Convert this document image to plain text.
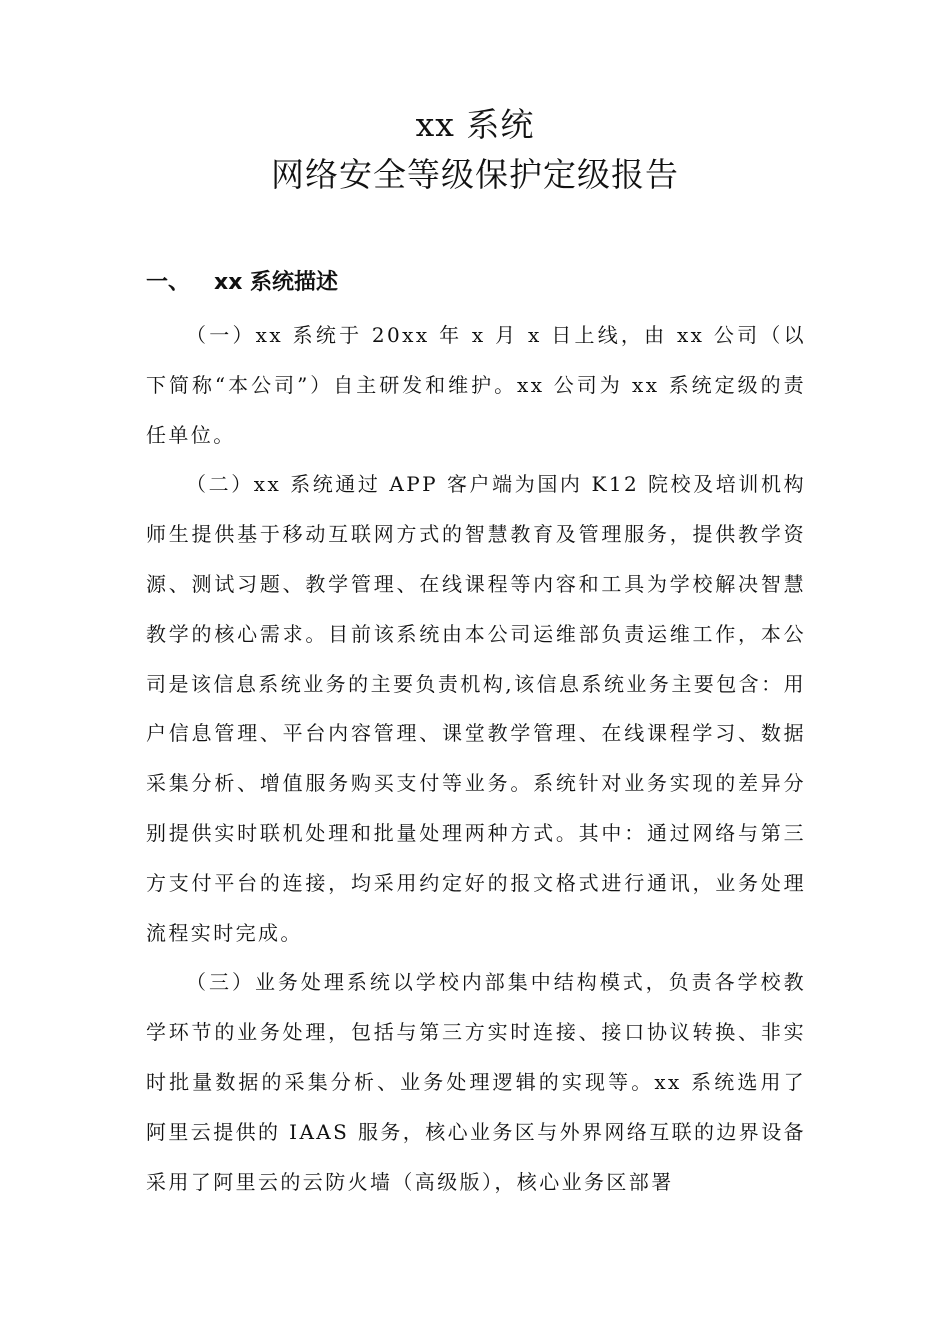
xx 系统
网络安全等级保护定级报告
一、 xx 系统描述

（一）xx 系统于 20xx 年 x 月 x 日上线，由 xx 公司（以下简称“本公司”）自主研发和维护。xx 公司为 xx 系统定级的责任单位。

（二）xx 系统通过 APP 客户端为国内 K12 院校及培训机构师生提供基于移动互联网方式的智慧教育及管理服务，提供教学资源、测试习题、教学管理、在线课程等内容和工具为学校解决智慧教学的核心需求。目前该系统由本公司运维部负责运维工作，本公司是该信息系统业务的主要负责机构,该信息系统业务主要包含：用户信息管理、平台内容管理、课堂教学管理、在线课程学习、数据采集分析、增值服务购买支付等业务。系统针对业务实现的差异分别提供实时联机处理和批量处理两种方式。其中：通过网络与第三方支付平台的连接，均采用约定好的报文格式进行通讯，业务处理流程实时完成。

（三）业务处理系统以学校内部集中结构模式，负责各学校教学环节的业务处理，包括与第三方实时连接、接口协议转换、非实时批量数据的采集分析、业务处理逻辑的实现等。xx 系统选用了阿里云提供的 IAAS 服务，核心业务区与外界网络互联的边界设备采用了阿里云的云防火墙（高级版），核心业务区部署
